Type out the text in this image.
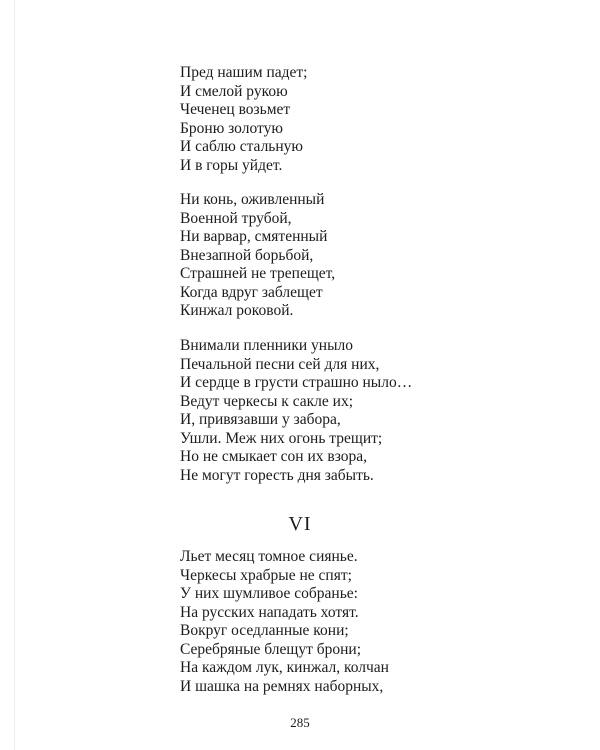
Пред нашим падет;
И смелой рукою
Чеченец возьмет
Броню золотую
И саблю стальную
И в горы уйдет.
Ни конь, оживленный
Военной трубой,
Ни варвар, смятенный
Внезапной борьбой,
Страшней не трепещет,
Когда вдруг заблещет
Кинжал роковой.
Внимали пленники уныло
Печальной песни сей для них,
И сердце в грусти страшно ныло…
Ведут черкесы к сакле их;
И, привязавши у забора,
Ушли. Меж них огонь трещит;
Но не смыкает сон их взора,
Не могут горесть дня забыть.
VI
Льет месяц томное сиянье.
Черкесы храбрые не спят;
У них шумливое собранье:
На русских нападать хотят.
Вокруг оседланные кони;
Серебряные блещут брони;
На каждом лук, кинжал, колчан
И шашка на ремнях наборных,
285
